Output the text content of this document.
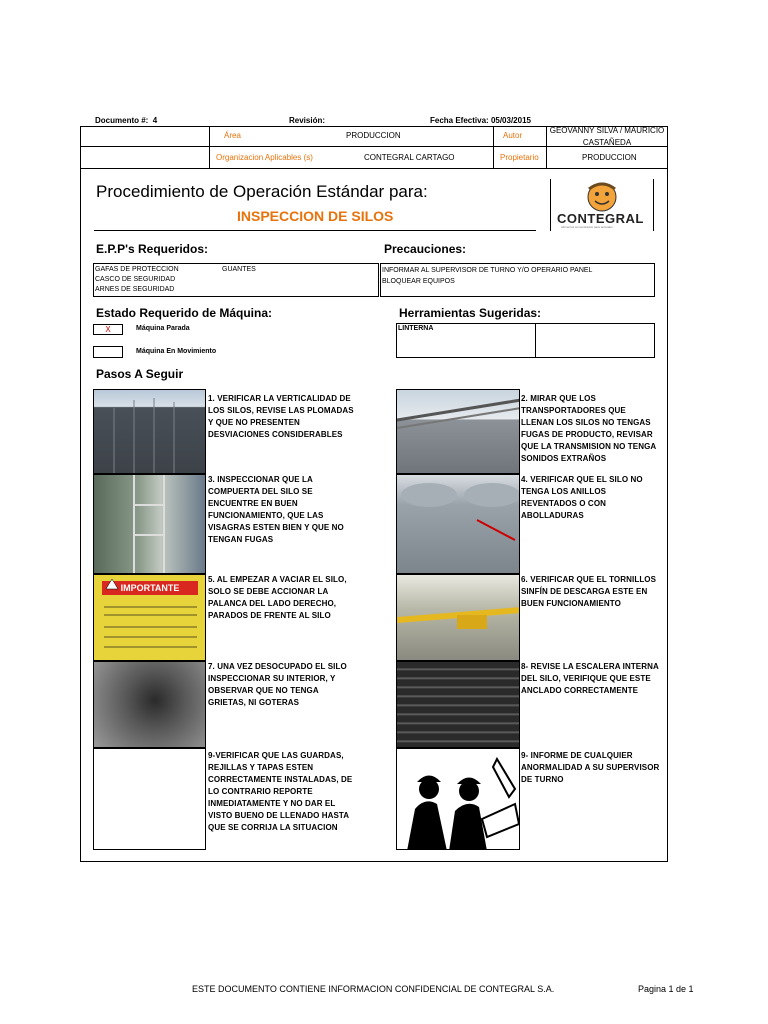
Documento #: 4	Revisión:	Fecha Efectiva: 05/03/2015
Área	PRODUCCION	Autor
GEOVANNY SILVA / MAURICIO CASTAÑEDA
Organizacion Aplicables (s)	CONTEGRAL CARTAGO	Propietario	PRODUCCION
Procedimiento de Operación Estándar para:
INSPECCION DE SILOS	CONTEGRAL
Alimentos concentrados para animales
E.P.P's Requeridos:	Precauciones:
GAFAS DE PROTECCION
CASCO DE SEGURIDAD
ARNES DE SEGURIDAD
GUANTES	INFORMAR AL SUPERVISOR DE TURNO Y/O OPERARIO PANEL
BLOQUEAR EQUIPOS
Estado Requerido de Máquina:	Herramientas Sugeridas:
X	Máquina Parada
Máquina En Movimiento
LINTERNA
Pasos A Seguir
1. VERIFICAR LA VERTICALIDAD DE LOS SILOS, REVISE LAS PLOMADAS Y QUE NO PRESENTEN DESVIACIONES CONSIDERABLES
2. MIRAR QUE LOS TRANSPORTADORES QUE LLENAN LOS SILOS NO TENGAS FUGAS DE PRODUCTO, REVISAR QUE LA TRANSMISION NO TENGA SONIDOS EXTRAÑOS
3. INSPECCIONAR QUE LA COMPUERTA DEL SILO SE ENCUENTRE EN BUEN FUNCIONAMIENTO, QUE LAS VISAGRAS ESTEN BIEN Y QUE NO TENGAN FUGAS
4. VERIFICAR QUE EL SILO NO TENGA LOS ANILLOS REVENTADOS O CON ABOLLADURAS
IMPORTANTE
5. AL EMPEZAR A VACIAR EL SILO, SOLO SE DEBE ACCIONAR LA PALANCA DEL LADO DERECHO, PARADOS DE FRENTE AL SILO
6. VERIFICAR QUE EL TORNILLOS SINFÍN DE DESCARGA ESTE EN BUEN FUNCIONAMIENTO
7. UNA VEZ DESOCUPADO EL SILO INSPECCIONAR SU INTERIOR, Y OBSERVAR QUE NO TENGA GRIETAS, NI GOTERAS
8- REVISE LA ESCALERA INTERNA DEL SILO, VERIFIQUE QUE ESTE ANCLADO CORRECTAMENTE
9-VERIFICAR QUE LAS GUARDAS, REJILLAS Y TAPAS ESTEN CORRECTAMENTE INSTALADAS, DE LO CONTRARIO REPORTE INMEDIATAMENTE Y NO DAR EL VISTO BUENO DE LLENADO HASTA QUE SE CORRIJA LA SITUACION
9- INFORME DE CUALQUIER ANORMALIDAD A SU SUPERVISOR DE TURNO
ESTE DOCUMENTO CONTIENE INFORMACION CONFIDENCIAL DE CONTEGRAL S.A.	Pagina 1 de 1
